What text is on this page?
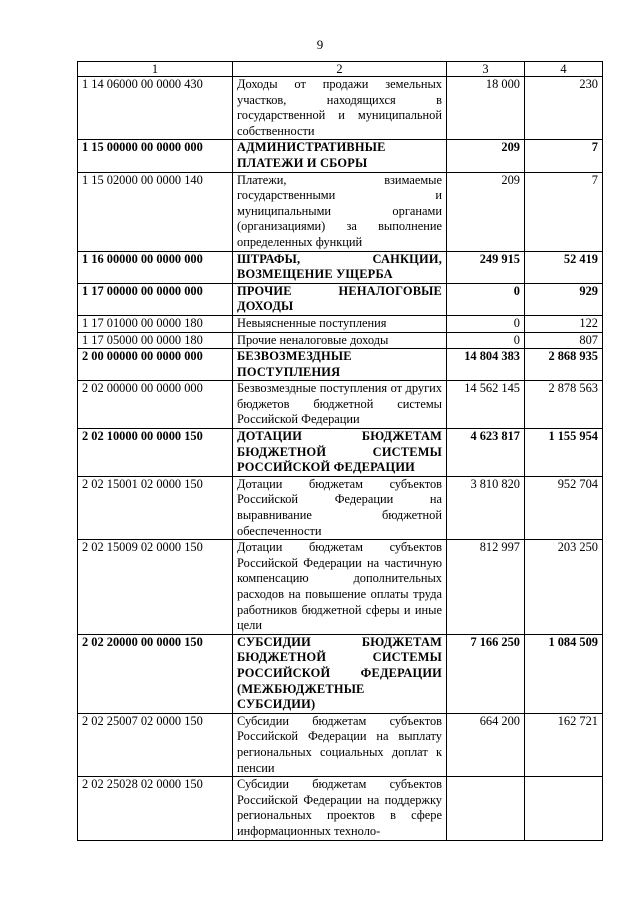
9
1	2	3	4
1 14 06000 00 0000 430	Доходы от продажи земельных участков, находящихся в государственной и муниципальной собственности	18 000	230
1 15 00000 00 0000 000	АДМИНИСТРАТИВНЫЕ ПЛАТЕЖИ И СБОРЫ	209	7
1 15 02000 00 0000 140	Платежи, взимаемые государственными и муниципальными органами (организациями) за выполнение определенных функций	209	7
1 16 00000 00 0000 000	ШТРАФЫ, САНКЦИИ, ВОЗМЕЩЕНИЕ УЩЕРБА	249 915	52 419
1 17 00000 00 0000 000	ПРОЧИЕ НЕНАЛОГОВЫЕ ДОХОДЫ	0	929
1 17 01000 00 0000 180	Невыясненные поступления	0	122
1 17 05000 00 0000 180	Прочие неналоговые доходы	0	807
2 00 00000 00 0000 000	БЕЗВОЗМЕЗДНЫЕ ПОСТУПЛЕНИЯ	14 804 383	2 868 935
2 02 00000 00 0000 000	Безвозмездные поступления от других бюджетов бюджетной системы Российской Федерации	14 562 145	2 878 563
2 02 10000 00 0000 150	ДОТАЦИИ БЮДЖЕТАМ БЮДЖЕТНОЙ СИСТЕМЫ РОССИЙСКОЙ ФЕДЕРАЦИИ	4 623 817	1 155 954
2 02 15001 02 0000 150	Дотации бюджетам субъектов Российской Федерации на выравнивание бюджетной обеспеченности	3 810 820	952 704
2 02 15009 02 0000 150	Дотации бюджетам субъектов Российской Федерации на частичную компенсацию дополнительных расходов на повышение оплаты труда работников бюджетной сферы и иные цели	812 997	203 250
2 02 20000 00 0000 150	СУБСИДИИ БЮДЖЕТАМ БЮДЖЕТНОЙ СИСТЕМЫ РОССИЙСКОЙ ФЕДЕРАЦИИ (МЕЖБЮДЖЕТНЫЕ СУБСИДИИ)	7 166 250	1 084 509
2 02 25007 02 0000 150	Субсидии бюджетам субъектов Российской Федерации на выплату региональных социальных доплат к пенсии	664 200	162 721
2 02 25028 02 0000 150	Субсидии бюджетам субъектов Российской Федерации на поддержку региональных проектов в сфере информационных техноло-		
